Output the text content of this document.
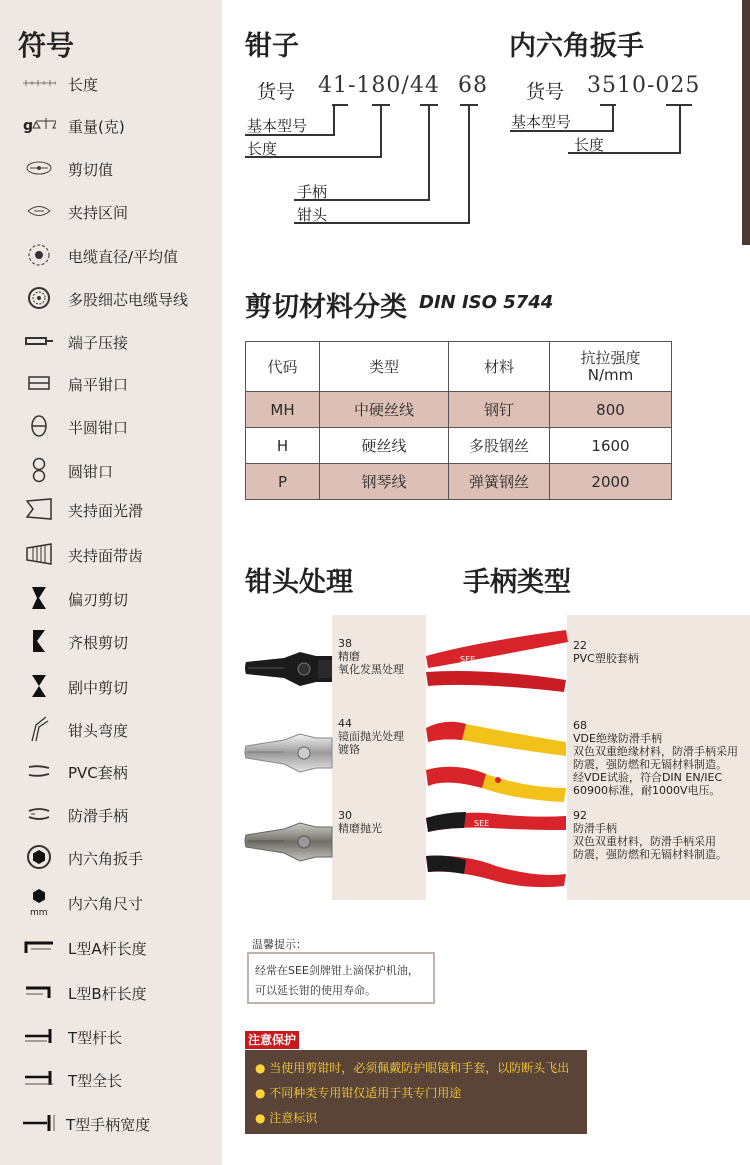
符号
长度
g 重量(克)
剪切值
夹持区间
电缆直径/平均值
多股细芯电缆导线
端子压接
扁平钳口
半圆钳口
圆钳口
夹持面光滑
夹持面带齿
偏刃剪切
齐根剪切
剧中剪切
钳头弯度
PVC套柄
防滑手柄
内六角扳手
mm 内六角尺寸
L型A杆长度
L型B杆长度
T型杆长
T型全长
T型手柄宽度
钳子
货号 41-180/44 68
基本型号
长度
手柄
钳头
内六角扳手
货号 3510-025
基本型号
长度
剪切材料分类 DIN ISO 5744
代码	类型	材料	抗拉强度
N/mm
MH	中硬丝线	钢钉	800
H	硬丝线	多股钢丝	1600
P	钢琴线	弹簧钢丝	2000
钳头处理
38
精磨
氧化发黑处理
44
镜面抛光处理
镀铬
30
精磨抛光
手柄类型
SEE
SEE
22
PVC塑胶套柄
68
VDE绝缘防滑手柄
双色双重绝缘材料，防滑手柄采用
防震，强防燃和无镉材料制造。
经VDE试验，符合DIN EN/IEC
60900标准，耐1000V电压。
92
防滑手柄
双色双重材料，防滑手柄采用
防震，强防燃和无镉材料制造。
温馨提示：
经常在SEE剑牌钳上滴保护机油，
可以延长钳的使用寿命。
注意保护
● 当使用剪钳时，必须佩戴防护眼镜和手套，以防断头飞出
● 不同种类专用钳仅适用于其专门用途
● 注意标识
